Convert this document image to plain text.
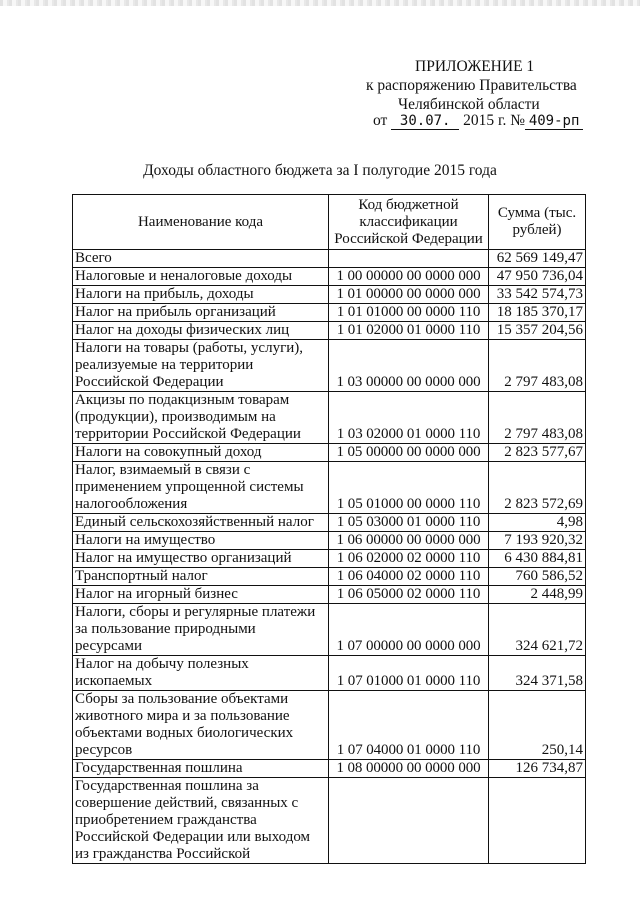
ПРИЛОЖЕНИЕ 1
к распоряжению Правительства
Челябинской области
от 30.07. 2015 г. № 409-рп
Доходы областного бюджета за I полугодие 2015 года
Наименование кода	Код бюджетной классификации Российской Федерации	Сумма (тыс. рублей)
Всего		62 569 149,47
Налоговые и неналоговые доходы	1 00 00000 00 0000 000	47 950 736,04
Налоги на прибыль, доходы	1 01 00000 00 0000 000	33 542 574,73
Налог на прибыль организаций	1 01 01000 00 0000 110	18 185 370,17
Налог на доходы физических лиц	1 01 02000 01 0000 110	15 357 204,56
Налоги на товары (работы, услуги), реализуемые на территории Российской Федерации	1 03 00000 00 0000 000	2 797 483,08
Акцизы по подакцизным товарам (продукции), производимым на территории Российской Федерации	1 03 02000 01 0000 110	2 797 483,08
Налоги на совокупный доход	1 05 00000 00 0000 000	2 823 577,67
Налог, взимаемый в связи с применением упрощенной системы налогообложения	1 05 01000 00 0000 110	2 823 572,69
Единый сельскохозяйственный налог	1 05 03000 01 0000 110	4,98
Налоги на имущество	1 06 00000 00 0000 000	7 193 920,32
Налог на имущество организаций	1 06 02000 02 0000 110	6 430 884,81
Транспортный налог	1 06 04000 02 0000 110	760 586,52
Налог на игорный бизнес	1 06 05000 02 0000 110	2 448,99
Налоги, сборы и регулярные платежи за пользование природными ресурсами	1 07 00000 00 0000 000	324 621,72
Налог на добычу полезных ископаемых	1 07 01000 01 0000 110	324 371,58
Сборы за пользование объектами животного мира и за пользование объектами водных биологических ресурсов	1 07 04000 01 0000 110	250,14
Государственная пошлина	1 08 00000 00 0000 000	126 734,87
Государственная пошлина за совершение действий, связанных с приобретением гражданства Российской Федерации или выходом из гражданства Российской		
